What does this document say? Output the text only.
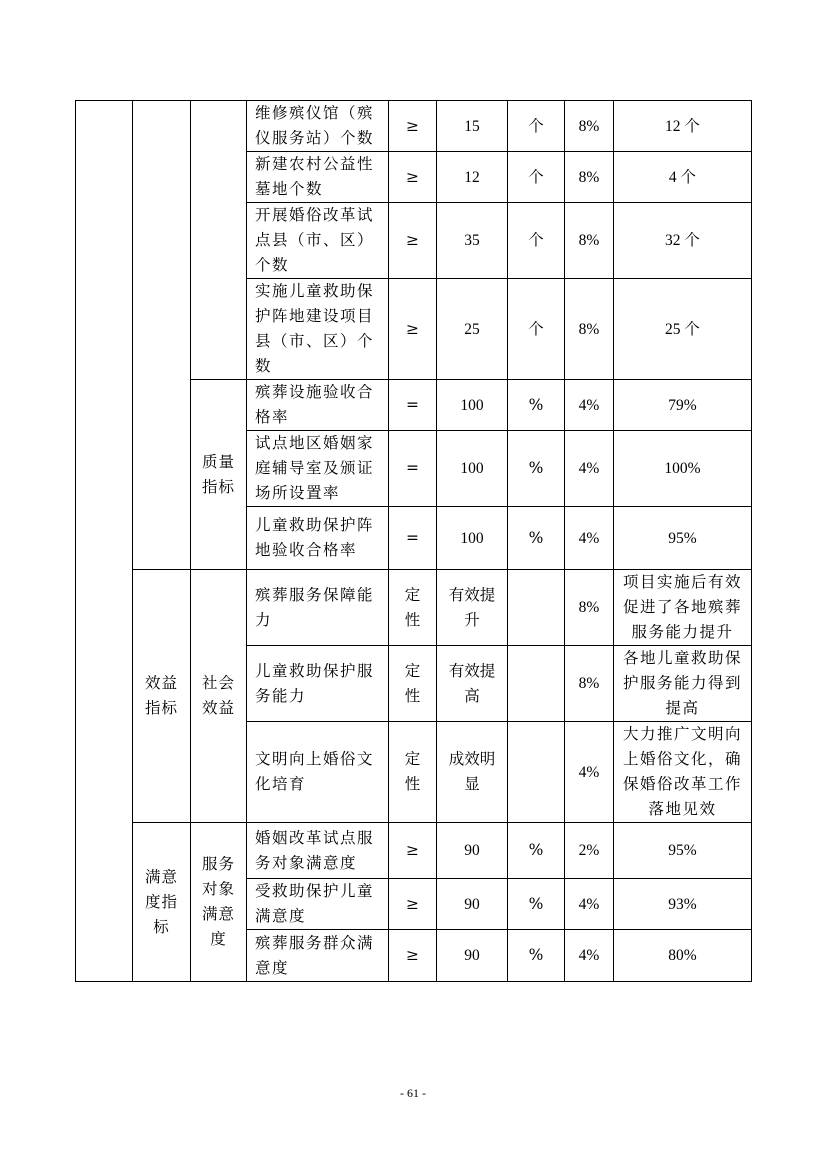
			维修殡仪馆（殡仪服务站）个数	≥	15	个	8%	12 个
			新建农村公益性墓地个数	≥	12	个	8%	4 个
			开展婚俗改革试点县（市、区）个数	≥	35	个	8%	32 个
			实施儿童救助保护阵地建设项目县（市、区）个数	≥	25	个	8%	25 个
		质量指标	殡葬设施验收合格率	=	100	%	4%	79%
			试点地区婚姻家庭辅导室及颁证场所设置率	=	100	%	4%	100%
			儿童救助保护阵地验收合格率	=	100	%	4%	95%
	效益指标	社会效益	殡葬服务保障能力	定性	有效提升		8%	项目实施后有效促进了各地殡葬服务能力提升
			儿童救助保护服务能力	定性	有效提高		8%	各地儿童救助保护服务能力得到提高
			文明向上婚俗文化培育	定性	成效明显		4%	大力推广文明向上婚俗文化，确保婚俗改革工作落地见效
	满意度指标	服务对象满意度	婚姻改革试点服务对象满意度	≥	90	%	2%	95%
			受救助保护儿童满意度	≥	90	%	4%	93%
			殡葬服务群众满意度	≥	90	%	4%	80%
- 61 -
